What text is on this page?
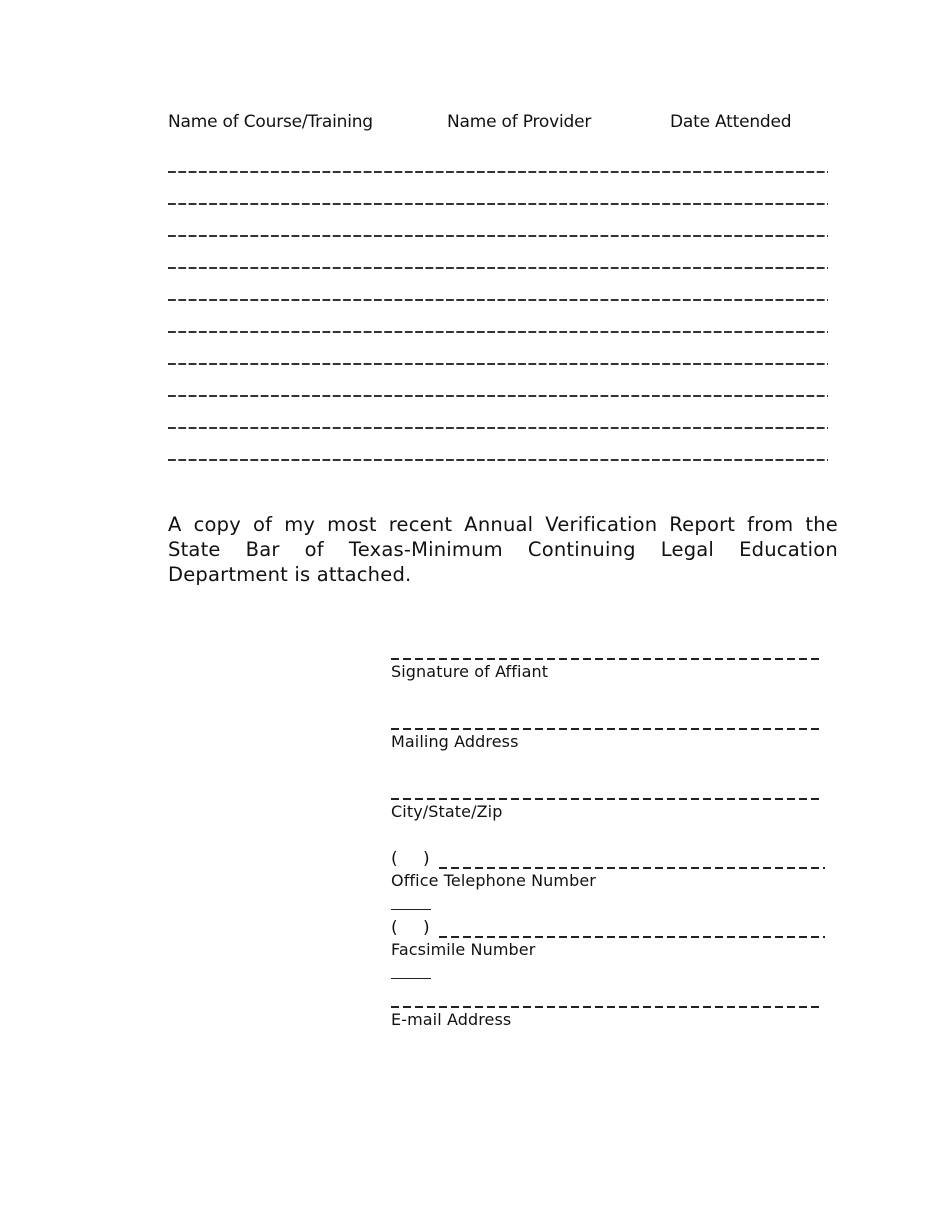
Name of Course/Training	Name of Provider	Date Attended
A copy of my most recent Annual Verification Report from the State Bar of Texas-Minimum Continuing Legal Education Department is attached.
Signature of Affiant
Mailing Address
City/State/Zip

( )

Office Telephone Number

( )

Facsimile Number
E-mail Address
